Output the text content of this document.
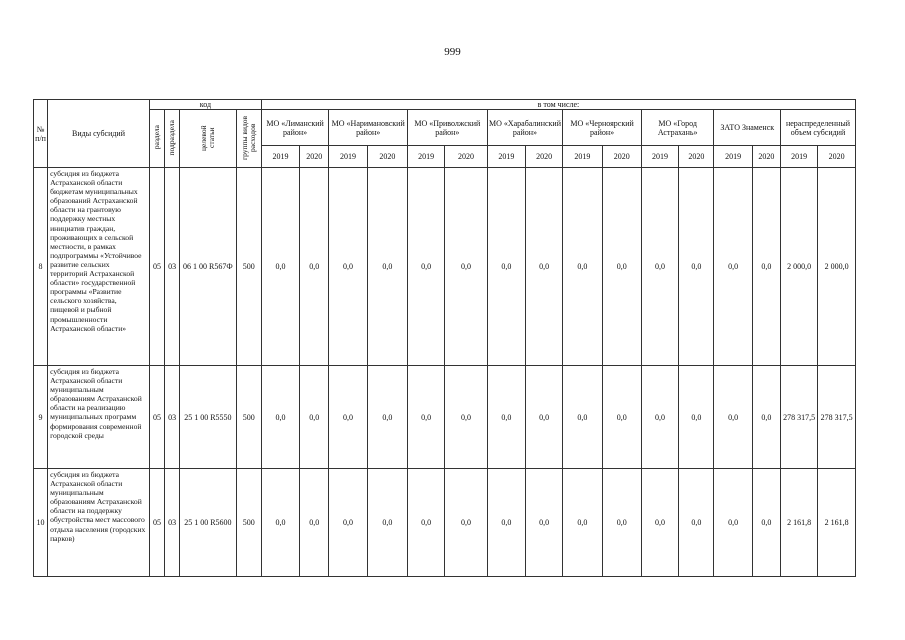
999
№ п/п	Виды субсидий	код				в том числе:															
		раздела	подраздела	целевой статьи	группы видов расходов	МО «Лиманский район»		МО «Наримановский район»		МО «Приволжский район»		МО «Харабалинский район»		МО «Черноярский район»		МО «Город Астрахань»		ЗАТО Знаменск		нераспределенный объем субсидий	
						2019	2020	2019	2020	2019	2020	2019	2020	2019	2020	2019	2020	2019	2020	2019	2020
8	субсидия из бюджета Астраханской области бюджетам муниципальных образований Астраханской области на грантовую поддержку местных инициатив граждан, проживающих в сельской местности, в рамках подпрограммы «Устойчивое развитие сельских территорий Астраханской области» государственной программы «Развитие сельского хозяйства, пищевой и рыбной промышленности Астраханской области»	05	03	06 1 00 R567Ф	500	0,0	0,0	0,0	0,0	0,0	0,0	0,0	0,0	0,0	0,0	0,0	0,0	0,0	0,0	2 000,0	2 000,0
9	субсидия из бюджета Астраханской области муниципальным образованиям Астраханской области на реализацию муниципальных программ формирования современной городской среды	05	03	25 1 00 R5550	500	0,0	0,0	0,0	0,0	0,0	0,0	0,0	0,0	0,0	0,0	0,0	0,0	0,0	0,0	278 317,5	278 317,5
10	субсидия из бюджета Астраханской области муниципальным образованиям Астраханской области на поддержку обустройства мест массового отдыха населения (городских парков)	05	03	25 1 00 R5600	500	0,0	0,0	0,0	0,0	0,0	0,0	0,0	0,0	0,0	0,0	0,0	0,0	0,0	0,0	2 161,8	2 161,8
